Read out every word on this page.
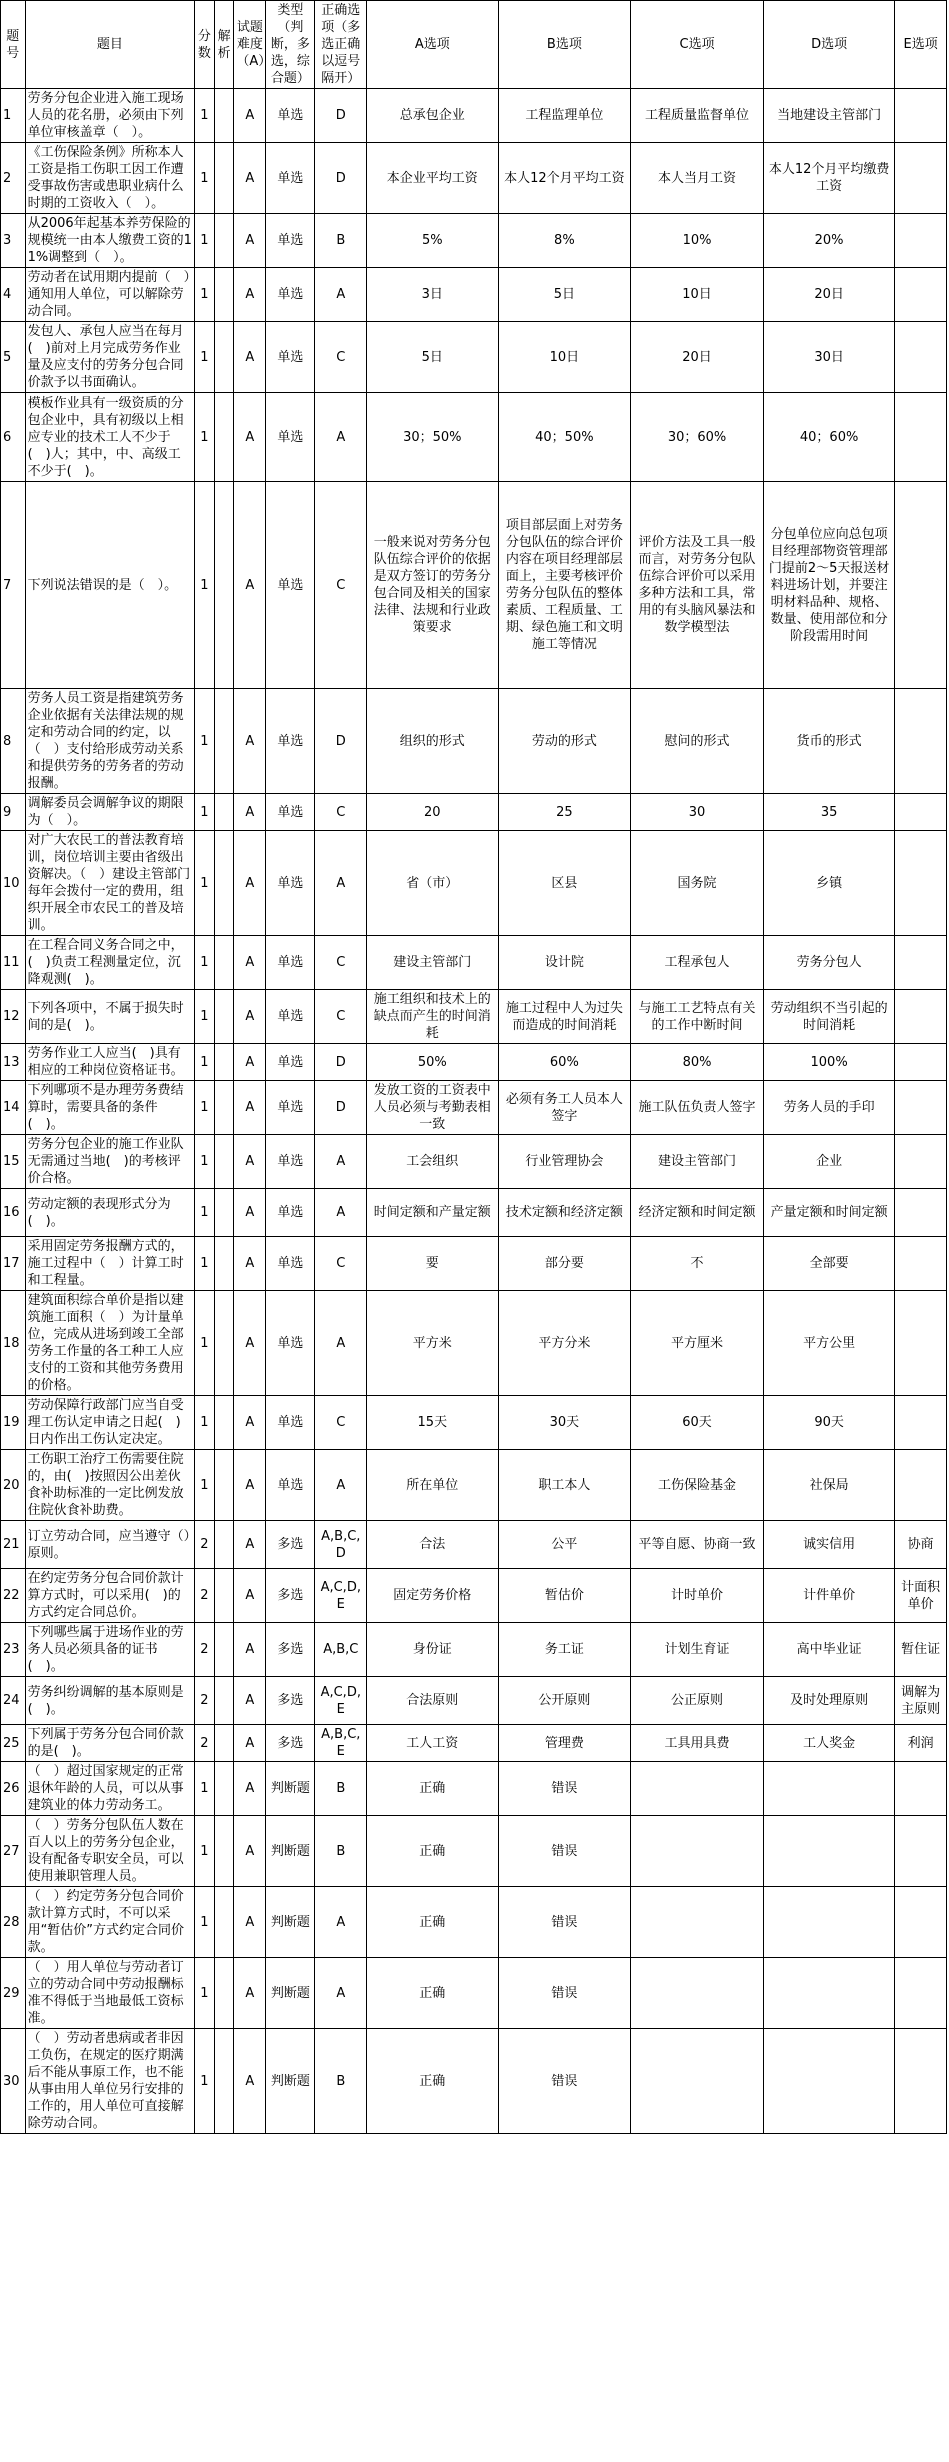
题号	题目	分数	解析	试题难度（A）	类型（判断，多选，综合题）	正确选项（多选正确以逗号隔开）	A选项	B选项	C选项	D选项	E选项
1	劳务分包企业进入施工现场人员的花名册，必须由下列单位审核盖章（　）。	1		A	单选	D	总承包企业	工程监理单位	工程质量监督单位	当地建设主管部门	
2	《工伤保险条例》所称本人工资是指工伤职工因工作遭受事故伤害或患职业病什么时期的工资收入（　）。	1		A	单选	D	本企业平均工资	本人12个月平均工资	本人当月工资	本人12个月平均缴费工资	
3	从2006年起基本养劳保险的规模统一由本人缴费工资的11%调整到（　）。	1		A	单选	B	5%	8%	10%	20%	
4	劳动者在试用期内提前（　）通知用人单位，可以解除劳动合同。	1		A	单选	A	3日	5日	10日	20日	
5	发包人、承包人应当在每月(　)前对上月完成劳务作业量及应支付的劳务分包合同价款予以书面确认。	1		A	单选	C	5日	10日	20日	30日	
6	模板作业具有一级资质的分包企业中，具有初级以上相应专业的技术工人不少于(　)人；其中，中、高级工不少于(　)。	1		A	单选	A	30；50%	40；50%	30；60%	40；60%	
7	下列说法错误的是（　）。	1		A	单选	C	一般来说对劳务分包队伍综合评价的依据是双方签订的劳务分包合同及相关的国家法律、法规和行业政策要求	项目部层面上对劳务分包队伍的综合评价内容在项目经理部层面上，主要考核评价劳务分包队伍的整体素质、工程质量、工期、绿色施工和文明施工等情况	评价方法及工具一般而言，对劳务分包队伍综合评价可以采用多种方法和工具，常用的有头脑风暴法和数学模型法	分包单位应向总包项目经理部物资管理部门提前2～5天报送材料进场计划，并要注明材料品种、规格、数量、使用部位和分阶段需用时间	
8	劳务人员工资是指建筑劳务企业依据有关法律法规的规定和劳动合同的约定，以（　）支付给形成劳动关系和提供劳务的劳务者的劳动报酬。	1		A	单选	D	组织的形式	劳动的形式	慰问的形式	货币的形式	
9	调解委员会调解争议的期限为（　）。	1		A	单选	C	20	25	30	35	
10	对广大农民工的普法教育培训，岗位培训主要由省级出资解决。（　）建设主管部门每年会拨付一定的费用，组织开展全市农民工的普及培训。	1		A	单选	A	省（市）	区县	国务院	乡镇	
11	在工程合同义务合同之中，(　)负责工程测量定位，沉降观测(　)。	1		A	单选	C	建设主管部门	设计院	工程承包人	劳务分包人	
12	下列各项中，不属于损失时间的是(　)。	1		A	单选	C	施工组织和技术上的缺点而产生的时间消耗	施工过程中人为过失而造成的时间消耗	与施工工艺特点有关的工作中断时间	劳动组织不当引起的时间消耗	
13	劳务作业工人应当(　)具有相应的工种岗位资格证书。	1		A	单选	D	50%	60%	80%	100%	
14	下列哪项不是办理劳务费结算时，需要具备的条件(　)。	1		A	单选	D	发放工资的工资表中人员必须与考勤表相一致	必须有务工人员本人签字	施工队伍负责人签字	劳务人员的手印	
15	劳务分包企业的施工作业队无需通过当地(　)的考核评价合格。	1		A	单选	A	工会组织	行业管理协会	建设主管部门	企业	
16	劳动定额的表现形式分为(　)。	1		A	单选	A	时间定额和产量定额	技术定额和经济定额	经济定额和时间定额	产量定额和时间定额	
17	采用固定劳务报酬方式的，施工过程中（　）计算工时和工程量。	1		A	单选	C	要	部分要	不	全部要	
18	建筑面积综合单价是指以建筑施工面积（　）为计量单位，完成从进场到竣工全部劳务工作量的各工种工人应支付的工资和其他劳务费用的价格。	1		A	单选	A	平方米	平方分米	平方厘米	平方公里	
19	劳动保障行政部门应当自受理工伤认定申请之日起(　)日内作出工伤认定决定。	1		A	单选	C	15天	30天	60天	90天	
20	工伤职工治疗工伤需要住院的，由(　)按照因公出差伙食补助标准的一定比例发放住院伙食补助费。	1		A	单选	A	所在单位	职工本人	工伤保险基金	社保局	
21	订立劳动合同，应当遵守（）原则。	2		A	多选	A,B,C,D	合法	公平	平等自愿、协商一致	诚实信用	协商
22	在约定劳务分包合同价款计算方式时，可以采用(　)的方式约定合同总价。	2		A	多选	A,C,D,E	固定劳务价格	暂估价	计时单价	计件单价	计面积单价
23	下列哪些属于进场作业的劳务人员必须具备的证书(　)。	2		A	多选	A,B,C	身份证	务工证	计划生育证	高中毕业证	暂住证
24	劳务纠纷调解的基本原则是(　)。	2		A	多选	A,C,D,E	合法原则	公开原则	公正原则	及时处理原则	调解为主原则
25	下列属于劳务分包合同价款的是(　)。	2		A	多选	A,B,C,E	工人工资	管理费	工具用具费	工人奖金	利润
26	（　）超过国家规定的正常退休年龄的人员，可以从事建筑业的体力劳动务工。	1		A	判断题	B	正确	错误			
27	（　）劳务分包队伍人数在百人以上的劳务分包企业，设有配备专职安全员，可以使用兼职管理人员。	1		A	判断题	B	正确	错误			
28	（　）约定劳务分包合同价款计算方式时，不可以采用“暂估价”方式约定合同价款。	1		A	判断题	A	正确	错误			
29	（　）用人单位与劳动者订立的劳动合同中劳动报酬标准不得低于当地最低工资标准。	1		A	判断题	A	正确	错误			
30	（　）劳动者患病或者非因工负伤，在规定的医疗期满后不能从事原工作，也不能从事由用人单位另行安排的工作的，用人单位可直接解除劳动合同。	1		A	判断题	B	正确	错误			
